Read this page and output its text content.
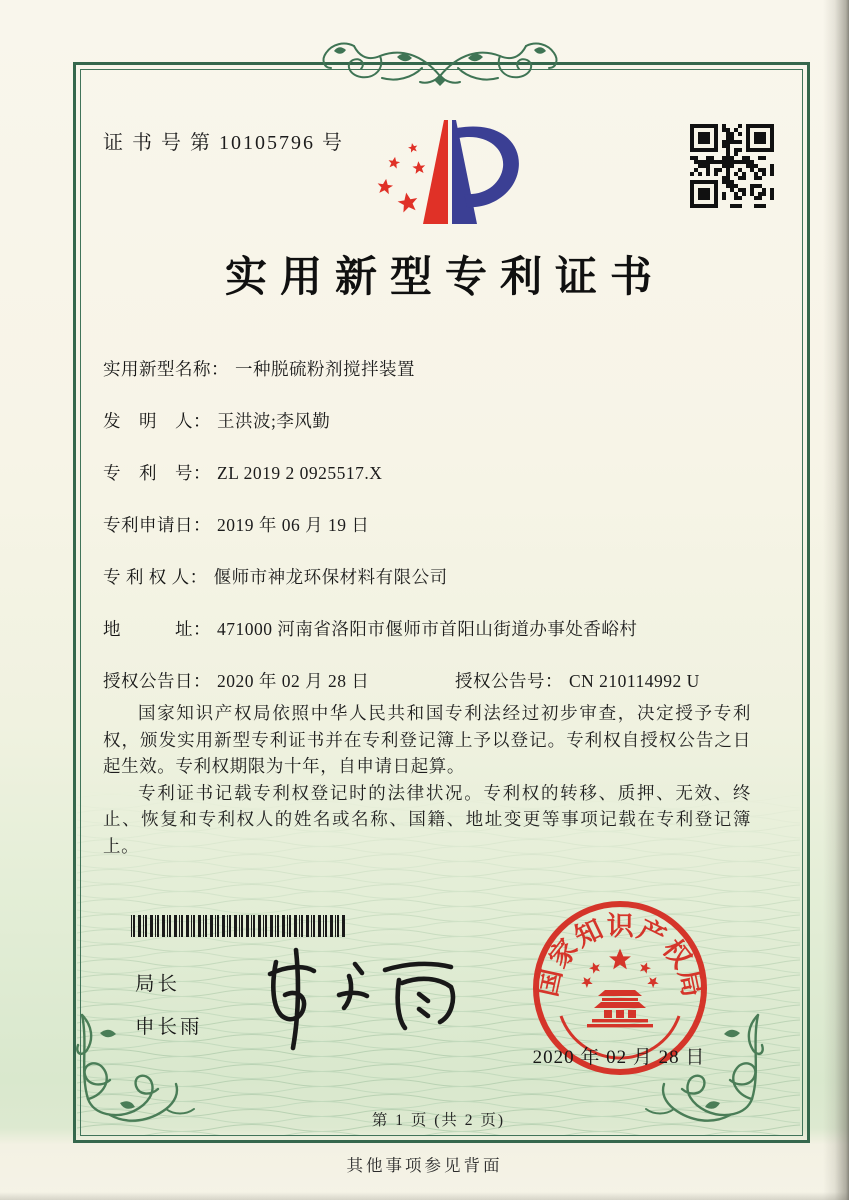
证 书 号 第 10105796 号
实用新型专利证书
实用新型名称： 一种脱硫粉剂搅拌装置
发　明　人： 王洪波;李风勤
专　利　号： ZL 2019 2 0925517.X
专利申请日： 2019 年 06 月 19 日
专 利 权 人： 偃师市神龙环保材料有限公司
地　　　址： 471000 河南省洛阳市偃师市首阳山街道办事处香峪村
授权公告日： 2020 年 02 月 28 日	授权公告号： CN 210114992 U

国家知识产权局依照中华人民共和国专利法经过初步审查，决定授予专利权，颁发实用新型专利证书并在专利登记簿上予以登记。专利权自授权公告之日起生效。专利权期限为十年，自申请日起算。

专利证书记载专利权登记时的法律状况。专利权的转移、质押、无效、终止、恢复和专利权人的姓名或名称、国籍、地址变更等事项记载在专利登记簿上。

局长
申长雨
国家知识产权局
2020 年 02 月 28 日
第 1 页 (共 2 页)
其他事项参见背面
